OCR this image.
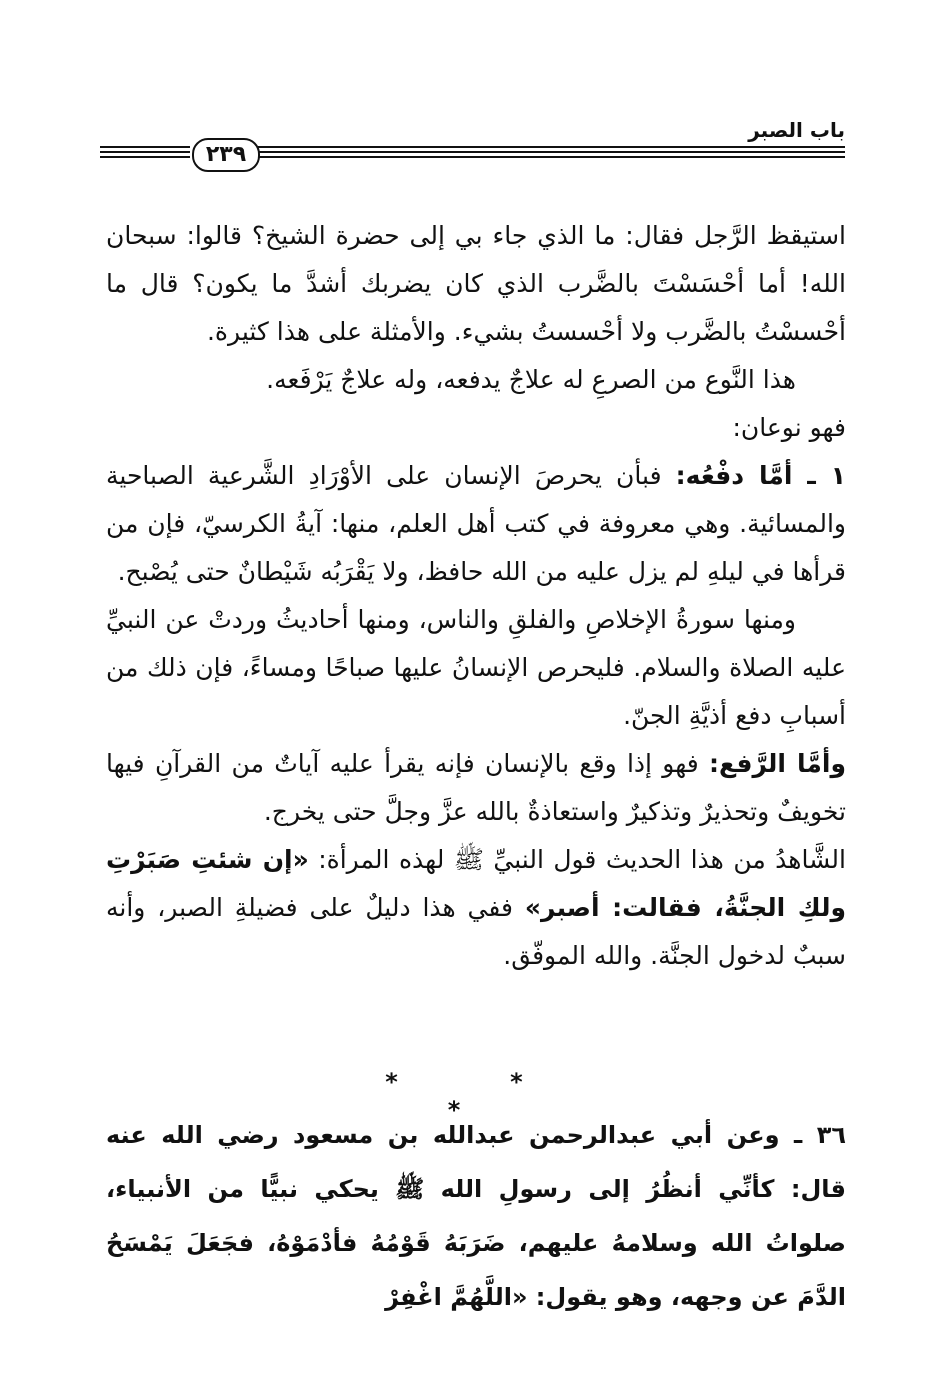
باب الصبر
٢٣٩

استيقظ الرَّجل فقال: ما الذي جاء بي إلى حضرة الشيخ؟ قالوا: سبحان الله! أما أحْسَسْتَ بالضَّرب الذي كان يضربك أشدَّ ما يكون؟ قال ما أحْسسْتُ بالضَّرب ولا أحْسستُ بشيء. والأمثلة على هذا كثيرة.

هذا النَّوع من الصرعِ له علاجٌ يدفعه، وله علاجٌ يَرْفَعه.

فهو نوعان:

١ ـ أمَّا دفْعُه: فبأن يحرصَ الإنسان على الأوْرَادِ الشَّرعية الصباحية والمسائية. وهي معروفة في كتب أهل العلم، منها: آيةُ الكرسيّ، فإن من قرأها في ليلهِ لم يزل عليه من الله حافظ، ولا يَقْرَبُه شَيْطانٌ حتى يُصْبح.

ومنها سورةُ الإخلاصِ والفلقِ والناس، ومنها أحاديثُ وردتْ عن النبيِّ عليه الصلاة والسلام. فليحرص الإنسانُ عليها صباحًا ومساءً، فإن ذلك من أسبابِ دفع أذيَّةِ الجنّ.

وأمَّا الرَّفع: فهو إذا وقع بالإنسان فإنه يقرأ عليه آياتٌ من القرآنِ فيها تخويفٌ وتحذيرٌ وتذكيرٌ واستعاذةٌ بالله عزَّ وجلَّ حتى يخرج.

الشَّاهدُ من هذا الحديث قول النبيِّ ﷺ لهذه المرأة: «إن شئتِ صَبَرْتِ ولكِ الجنَّةُ، فقالت: أصبر» ففي هذا دليلٌ على فضيلةِ الصبر، وأنه سببٌ لدخول الجنَّة. والله الموفّق.

* * *

٣٦ ـ وعن أبي عبدالرحمن عبدالله بن مسعود رضي الله عنه قال: كأنِّي أنظُرُ إلى رسولِ الله ﷺ يحكي نبيًّا من الأنبياء، صلواتُ الله وسلامهُ عليهم، ضَرَبَهُ قَوْمُهُ فأدْمَوْهُ، فجَعَلَ يَمْسَحُ الدَّمَ عن وجهه، وهو يقول: «اللَّهُمَّ اغْفِرْ
